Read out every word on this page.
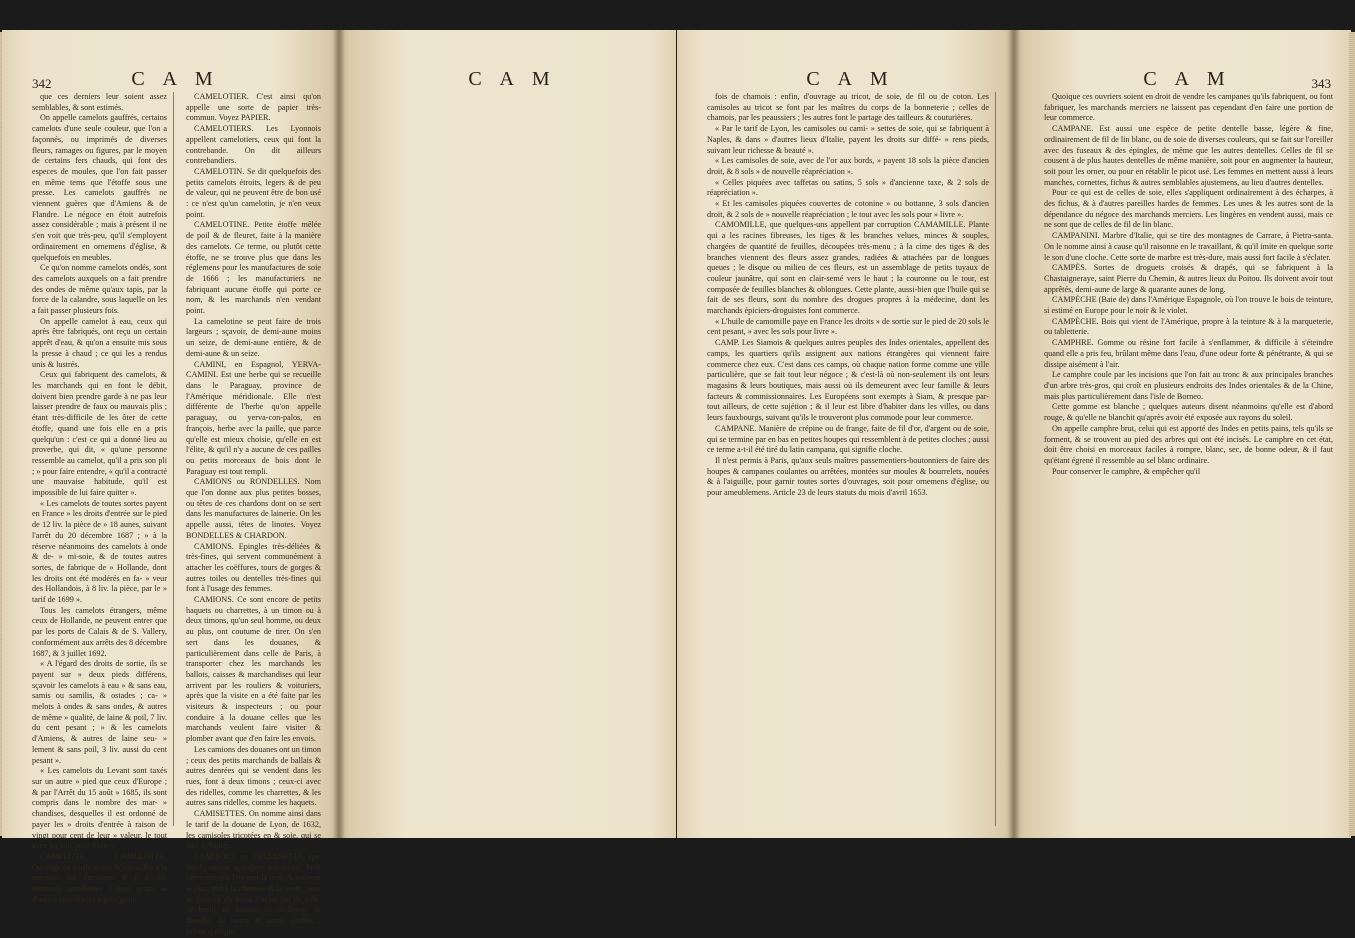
342	C A M

que ces derniers leur soient assez semblables, & sont estimés.

On appelle camelots gauffrés, certains camelots d'une seule couleur, que l'on a façonnés, ou imprimés de diverses fleurs, ramages ou figures, par le moyen de certains fers chauds, qui font des especes de moules, que l'on fait passer en même tems que l'étoffe sous une presse. Les camelots gauffrés ne viennent guères que d'Amiens & de Flandre. Le négoce en étoit autrefois assez considérable ; mais à présent il ne s'en voit que très-peu, qu'il s'employent ordinairement en ornemens d'église, & quelquefois en meubles.

Ce qu'on nomme camelots ondés, sont des camelots auxquels on a fait prendre des ondes de même qu'aux tapis, par la force de la calandre, sous laquelle on les a fait passer plusieurs fois.

On appelle camelot à eau, ceux qui après être fabriqués, ont reçu un certain apprêt d'eau, & qu'on a ensuite mis sous la presse à chaud ; ce qui les a rendus unis & lustrés.

Ceux qui fabriquent des camelots, & les marchands qui en font le débit, doivent bien prendre garde à ne pas leur laisser prendre de faux ou mauvais plis ; étant très-difficile de les ôter de cette étoffe, quand une fois elle en a pris quelqu'un : c'est ce qui a donné lieu au proverbe, qui dit, « qu'une personne ressemble au camelot, qu'il a pris son pli ; » pour faire entendre, « qu'il a contracté une mauvaise habitude, qu'il est impossible de lui faire quitter ».

« Les camelots de toutes sortes payent en France » les droits d'entrée sur le pied de 12 liv. la pièce de » 18 aunes, suivant l'arrêt du 20 décembre 1687 ; » à la réserve néanmoins des camelots à onde & de- » mi-soie, & de toutes autres sortes, de fabrique de » Hollande, dont les droits ont été modérés en fa- » veur des Hollandois, à 8 liv. la pièce, par le » tarif de 1699 ».

Tous les camelots étrangers, même ceux de Hollande, ne peuvent entrer que par les ports de Calais & de S. Vallery, conformément aux arrêts des 8 décembre 1687, & 3 juillet 1692.

« A l'égard des droits de sortie, ils se payent sur » deux pieds différens, sçavoir les camelots à eau » & sans eau, samis ou samilis, & ostades ; ca- » melots à ondes & sans ondes, & autres de même » qualité, de laine & poil, 7 liv. du cent pesant ; » & les camelots d'Amiens, & autres de laine seu- » lement & sans poil, 3 liv. aussi du cent pesant ».

« Les camelots du Levant sont taxés sur un autre » pied que ceux d'Europe ; & par l'Arrêt du 15 août » 1685, ils sont compris dans le nombre des mar- » chandises, desquelles il est ordonné de payer les » droits d'entrée à raison de vingt pour cent de leur » valeur, le tout avec les sols pour livre ».

CAMELOTÉ, CAMELOTÉE. Ouvrage ou étoffe tissue & travaillée à la manière des camelots. Il y a des étamines camelotées à gros grain, & d'autres camelotées à petit grain.

CAMELOTIER. C'est ainsi qu'on appelle une sorte de papier très-commun. Voyez PAPIER.

CAMELOTIERS. Les Lyonnois appellent camelotiers, ceux qui font la contrebande. On dit ailleurs contrebandiers.

CAMELOTIN. Se dit quelquefois des petits camelots étroits, legers & de peu de valeur, qui ne peuvent être de bon usé : ce n'est qu'un camelotin, je n'en veux point.

CAMELOTINE. Petite étoffe mêlée de poil & de fleuret, faite à la manière des camelots. Ce terme, ou plutôt cette étoffe, ne se trouve plus que dans les réglemens pour les manufactures de soie de 1666 ; les manufacturiers ne fabriquant aucune étoffe qui porte ce nom, & les marchands n'en vendant point.

La camelotine se peut faire de trois largeurs ; sçavoir, de demi-aune moins un seize, de demi-aune entière, & de demi-aune & un seize.

CAMINI, en Espagnol, YERVA-CAMINI. Est une herbe qui se recueille dans le Paraguay, province de l'Amérique méridionale. Elle n'est différente de l'herbe qu'on appelle paraguay, ou yerva-con-palos, en françois, herbe avec la paille, que parce qu'elle est mieux choisie, qu'elle en est l'élite, & qu'il n'y a aucune de ces pailles ou petits morceaux de bois dont le Paraguay est tout rempli.

CAMIONS ou RONDELLES. Nom que l'on donne aux plus petites bosses, ou têtes de ces chardons dont on se sert dans les manufactures de lainerie. On les appelle aussi, têtes de linotes. Voyez BONDELLES & CHARDON.

CAMIONS. Epingles très-déliées & très-fines, qui servent communément à attacher les coëffures, tours de gorges & autres toiles ou dentelles très-fines qui font à l'usage des femmes.

CAMIONS. Ce sont encore de petits haquets ou charrettes, à un timon ou à deux timons, qu'un seul homme, ou deux au plus, ont coutume de tirer. On s'en sert dans les douanes, & particulièrement dans celle de Paris, à transporter chez les marchands les ballots, caisses & marchandises qui leur arrivent par les rouliers & voituriers, après que la visite en a été faite par les visiteurs & inspecteurs ; ou pour conduire à la douane celles que les marchands veulent faire visiter & plomber avant que d'en faire les envois.

Les camions des douanes ont un timon ; ceux des petits marchands de ballais & autres denrées qui se vendent dans les rues, font à deux timons ; ceux-ci avec des ridelles, comme les charrettes, & les autres sans ridelles, comme les haquets.

CAMISETTES. On nomme ainsi dans le tarif de la douane de Lyon, de 1632, les camisoles tricotées en & soie, qui se font à Naples.

CAMISOLE ou CHEMISETTE, que les Lyonnois appellent camisette. Petit vêtement que l'on met la nuit, & souvent le jour, entre la chemise & la veste, pour se garantir du froid. On en fait de toile, de basin, de futaine, de molleton, de flanelle, de ratine & autres étoffes ; même quelque-

C A M	C A M

fois de chamois : enfin, d'ouvrage au tricot, de soie, de fil ou de coton. Les camisoles au tricot se font par les maîtres du corps de la bonneterie ; celles de chamois, par les peaussiers ; les autres font le partage des tailleurs & couturières.

« Par le tarif de Lyon, les camisoles ou cami- » settes de soie, qui se fabriquent à Naples, & dans » d'autres lieux d'Italie, payent les droits sur diffé- » rens pieds, suivant leur richesse & beauté ».

« Les camisoles de soie, avec de l'or aux bords, » payent 18 sols la pièce d'ancien droit, & 8 sols » de nouvelle réapréciation ».

« Celles piquées avec taffetas ou satins, 5 sols » d'ancienne taxe, & 2 sols de réapréciation ».

« Et les camisoles piquées couvertes de cotonine » ou bottanne, 3 sols d'ancien droit, & 2 sols de » nouvelle réapréciation ; le tout avec les sols pour » livre ».

CAMOMILLE, que quelques-uns appellent par corruption CAMAMILLE. Plante qui a les racines fibreuses, les tiges & les branches velues, minces & souples, chargées de quantité de feuilles, découpées très-menu ; à la cime des tiges & des branches viennent des fleurs assez grandes, radiées & attachées par de longues queues ; le disque ou milieu de ces fleurs, est un assemblage de petits tuyaux de couleur jaunâtre, qui sont en clair-semé vers le haut ; la couronne ou le tour, est composée de feuilles blanches & oblongues. Cette plante, aussi-bien que l'huile qui se fait de ses fleurs, sont du nombre des drogues propres à la médecine, dont les marchands épiciers-droguistes font commerce.

« L'huile de camomille paye en France les droits » de sortie sur le pied de 20 sols le cent pesant, » avec les sols pour livre ».

CAMP. Les Siamois & quelques autres peuples des Indes orientales, appellent des camps, les quartiers qu'ils assignent aux nations étrangères qui viennent faire commerce chez eux. C'est dans ces camps, où chaque nation forme comme une ville particulière, que se fait tout leur négoce ; & c'est-là où non-seulement ils ont leurs magasins & leurs boutiques, mais aussi où ils demeurent avec leur famille & leurs facteurs & commissionnaires. Les Européens sont exempts à Siam, & presque par-tout ailleurs, de cette sujétion ; & il leur est libre d'habiter dans les villes, ou dans leurs fauxbourgs, suivant qu'ils le trouveront plus commode pour leur commerce.

CAMPANE. Manière de crépine ou de frange, faite de fil d'or, d'argent ou de soie, qui se termine par en bas en petites houpes qui ressemblent à de petites cloches ; aussi ce terme a-t-il été tiré du latin campana, qui signifie cloche.

Il n'est permis à Paris, qu'aux seuls maîtres passementiers-boutonniers de faire des houpes & campanes coulantes ou arrêtées, montées sur moules & bourrelets, nouées & à l'aiguille, pour garnir toutes sortes d'ouvrages, soit pour ornemens d'église, ou pour ameublemens. Article 23 de leurs statuts du mois d'avril 1653.

C A M	343

Quoique ces ouvriers soient en droit de vendre les campanes qu'ils fabriquent, ou font fabriquer, les marchands merciers ne laissent pas cependant d'en faire une portion de leur commerce.

CAMPANE. Est aussi une espèce de petite dentelle basse, légère & fine, ordinairement de fil de lin blanc, ou de soie de diverses couleurs, qui se fait sur l'oreiller avec des fuseaux & des épingles, de même que les autres dentelles. Celles de fil se cousent à de plus hautes dentelles de même manière, soit pour en augmenter la hauteur, soit pour les orner, ou pour en rétablir le picot usé. Les femmes en mettent aussi à leurs manches, cornettes, fichus & autres semblables ajustemens, au lieu d'autres dentelles.

Pour ce qui est de celles de soie, elles s'appliquent ordinairement à des écharpes, à des fichus, & à d'autres pareilles hardes de femmes. Les unes & les autres sont de la dépendance du négoce des marchands merciers. Les lingères en vendent aussi, mais ce ne sont que de celles de fil de lin blanc.

CAMPANINI. Marbre d'Italie, qui se tire des montagnes de Carrare, à Pietra-santa. On le nomme ainsi à cause qu'il raisonne en le travaillant, & qu'il imite en quelque sorte le son d'une cloche. Cette sorte de marbre est très-dure, mais aussi fort facile à s'éclater.

CAMPÈS. Sortes de droguets croisés & drapés, qui se fabriquent à la Chastaigneraye, saint Pierre du Chemin, & autres lieux du Poitou. Ils doivent avoir tout apprêtés, demi-aune de large & quarante aunes de long.

CAMPÈCHE (Baie de) dans l'Amérique Espagnole, où l'on trouve le bois de teinture, si estimé en Europe pour le noir & le violet.

CAMPÈCHE. Bois qui vient de l'Amérique, propre à la teinture & à la marqueterie, ou tabletterie.

CAMPHRE. Gomme ou résine fort facile à s'enflammer, & difficile à s'éteindre quand elle a pris feu, brûlant même dans l'eau, d'une odeur forte & pénétrante, & qui se dissipe aisément à l'air.

Le camphre coule par les incisions que l'on fait au tronc & aux principales branches d'un arbre très-gros, qui croît en plusieurs endroits des Indes orientales & de la Chine, mais plus particulièrement dans l'isle de Borneo.

Cette gomme est blanche ; quelques auteurs disent néanmoins qu'elle est d'abord rouge, & qu'elle ne blanchit qu'après avoir été exposée aux rayons du soleil.

On appelle camphre brut, celui qui est apporté des Indes en petits pains, tels qu'ils se forment, & se trouvent au pied des arbres qui ont été incisés. Le camphre en cet état, doit être choisi en morceaux faciles à rompre, blanc, sec, de bonne odeur, & il faut qu'étant égrené il ressemble au sel blanc ordinaire.

Pour conserver le camphre, & empêcher qu'il
